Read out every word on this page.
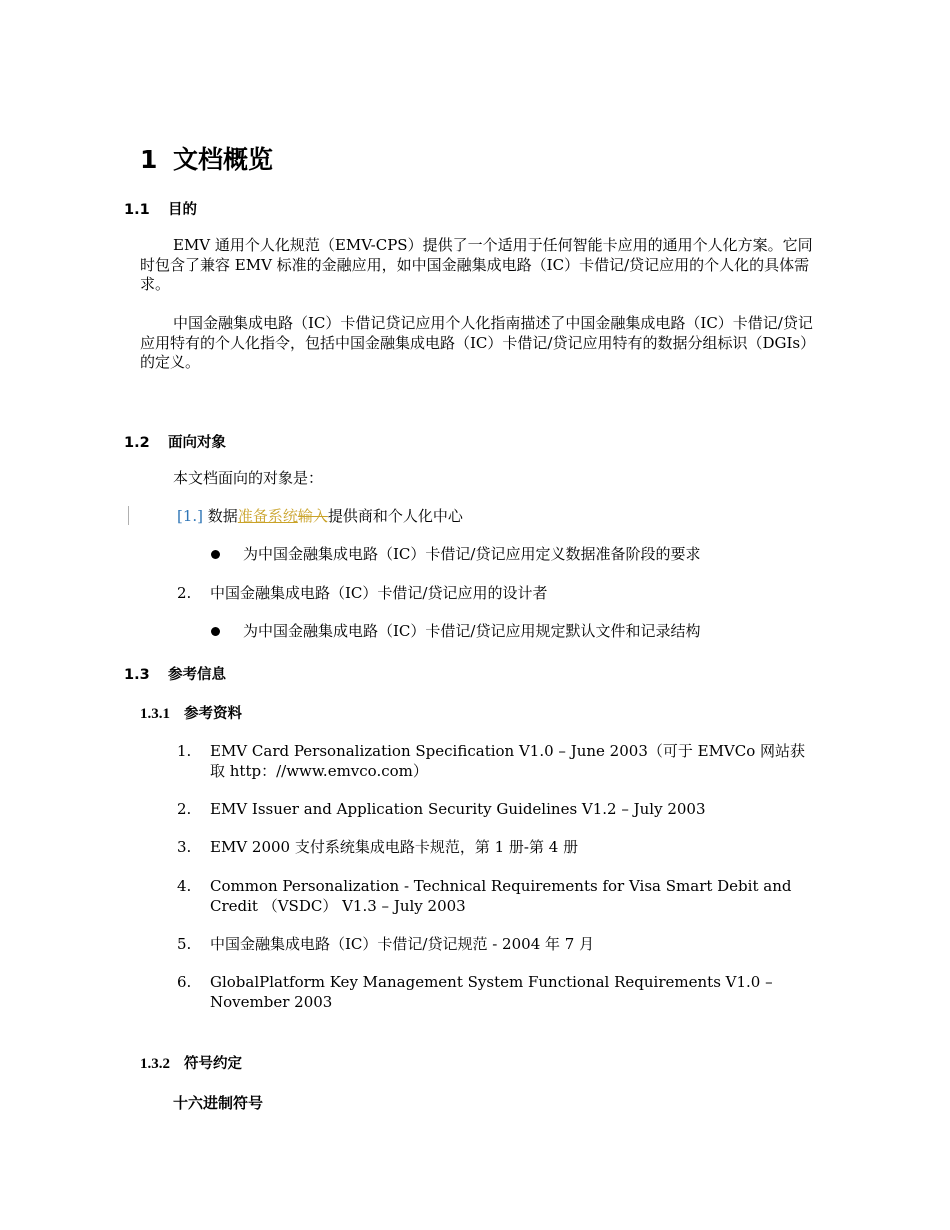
1 文档概览
1.1 目的
EMV 通用个人化规范（EMV-CPS）提供了一个适用于任何智能卡应用的通用个人化方案。它同时包含了兼容 EMV 标准的金融应用，如中国金融集成电路（IC）卡借记/贷记应用的个人化的具体需求。
中国金融集成电路（IC）卡借记贷记应用个人化指南描述了中国金融集成电路（IC）卡借记/贷记应用特有的个人化指令，包括中国金融集成电路（IC）卡借记/贷记应用特有的数据分组标识（DGIs）的定义。
1.2 面向对象
本文档面向的对象是：
[1.] 数据准备系统输入提供商和个人化中心
为中国金融集成电路（IC）卡借记/贷记应用定义数据准备阶段的要求
2.	中国金融集成电路（IC）卡借记/贷记应用的设计者
为中国金融集成电路（IC）卡借记/贷记应用规定默认文件和记录结构
1.3 参考信息
1.3.1 参考资料
1.	EMV Card Personalization Specification V1.0 – June 2003（可于 EMVCo 网站获取 http：//www.emvco.com）
2.	EMV Issuer and Application Security Guidelines V1.2 – July 2003
3.	EMV 2000 支付系统集成电路卡规范，第 1 册-第 4 册
4.	Common Personalization - Technical Requirements for Visa Smart Debit and Credit （VSDC） V1.3 – July 2003
5.	中国金融集成电路（IC）卡借记/贷记规范 - 2004 年 7 月
6.	GlobalPlatform Key Management System Functional Requirements V1.0 – November 2003
1.3.2 符号约定
十六进制符号
